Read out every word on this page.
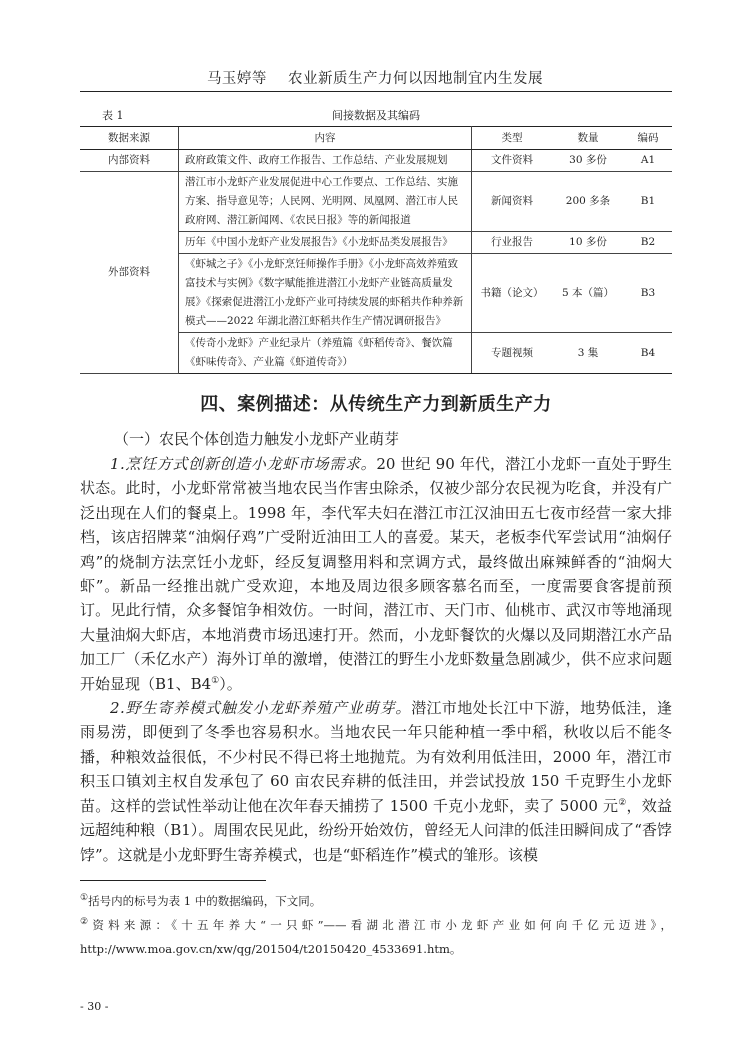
马玉婷等 农业新质生产力何以因地制宜内生发展
表 1	间接数据及其编码
数据来源	内容	类型	数量	编码
内部资料	政府政策文件、政府工作报告、工作总结、产业发展规划	文件资料	30 多份	A1
外部资料	潜江市小龙虾产业发展促进中心工作要点、工作总结、实施方案、指导意见等；人民网、光明网、凤凰网、潜江市人民政府网、潜江新闻网、《农民日报》等的新闻报道	新闻资料	200 多条	B1
	历年《中国小龙虾产业发展报告》《小龙虾品类发展报告》	行业报告	10 多份	B2
	《虾城之子》《小龙虾烹饪师操作手册》《小龙虾高效养殖致富技术与实例》《数字赋能推进潜江小龙虾产业链高质量发展》《探索促进潜江小龙虾产业可持续发展的虾稻共作种养新模式——2022 年湖北潜江虾稻共作生产情况调研报告》	书籍（论文）	5 本（篇）	B3
	《传奇小龙虾》产业纪录片（养殖篇《虾稻传奇》、餐饮篇《虾味传奇》、产业篇《虾道传奇》）	专题视频	3 集	B4
四、案例描述：从传统生产力到新质生产力
（一）农民个体创造力触发小龙虾产业萌芽

1.烹饪方式创新创造小龙虾市场需求。20 世纪 90 年代，潜江小龙虾一直处于野生状态。此时，小龙虾常常被当地农民当作害虫除杀，仅被少部分农民视为吃食，并没有广泛出现在人们的餐桌上。1998 年，李代军夫妇在潜江市江汉油田五七夜市经营一家大排档，该店招牌菜“油焖仔鸡”广受附近油田工人的喜爱。某天，老板李代军尝试用“油焖仔鸡”的烧制方法烹饪小龙虾，经反复调整用料和烹调方式，最终做出麻辣鲜香的“油焖大虾”。新品一经推出就广受欢迎，本地及周边很多顾客慕名而至，一度需要食客提前预订。见此行情，众多餐馆争相效仿。一时间，潜江市、天门市、仙桃市、武汉市等地涌现大量油焖大虾店，本地消费市场迅速打开。然而，小龙虾餐饮的火爆以及同期潜江水产品加工厂（禾亿水产）海外订单的激增，使潜江的野生小龙虾数量急剧减少，供不应求问题开始显现（B1、B4①）。

2.野生寄养模式触发小龙虾养殖产业萌芽。潜江市地处长江中下游，地势低洼，逢雨易涝，即便到了冬季也容易积水。当地农民一年只能种植一季中稻，秋收以后不能冬播，种粮效益很低，不少村民不得已将土地抛荒。为有效利用低洼田，2000 年，潜江市积玉口镇刘主权自发承包了 60 亩农民弃耕的低洼田，并尝试投放 150 千克野生小龙虾苗。这样的尝试性举动让他在次年春天捕捞了 1500 千克小龙虾，卖了 5000 元②，效益远超纯种粮（B1）。周围农民见此，纷纷开始效仿，曾经无人问津的低洼田瞬间成了“香饽饽”。这就是小龙虾野生寄养模式，也是“虾稻连作”模式的雏形。该模

①括号内的标号为表 1 中的数据编码，下文同。

②资料来源：《十五年养大“一只虾”——看湖北潜江市小龙虾产业如何向千亿元迈进》，http://www.moa.gov.cn/xw/qg/201504/t20150420_4533691.htm。

- 30 -
